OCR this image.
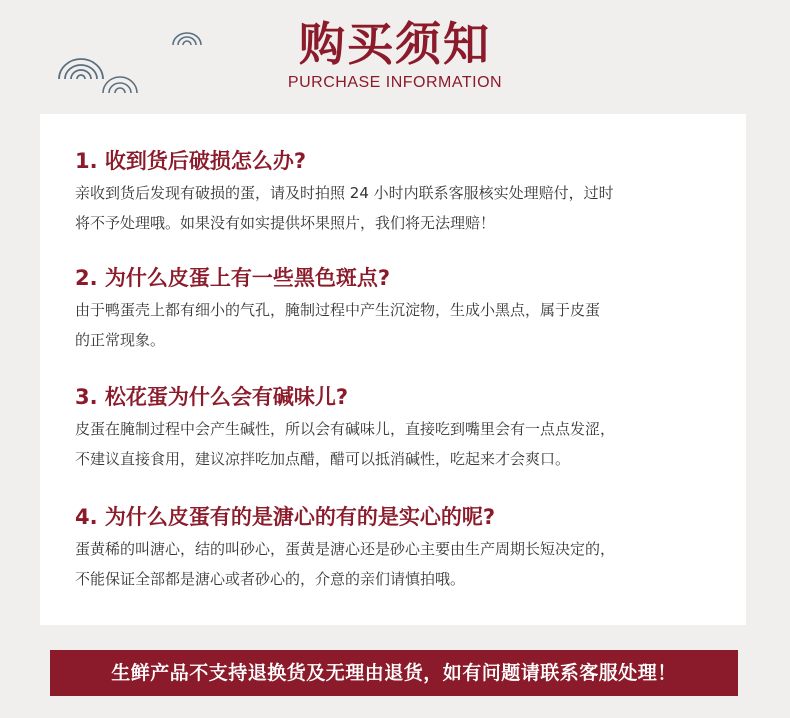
购买须知
PURCHASE INFORMATION
1. 收到货后破损怎么办?
亲收到货后发现有破损的蛋，请及时拍照 24 小时内联系客服核实处理赔付，过时
将不予处理哦。如果没有如实提供坏果照片，我们将无法理赔！
2. 为什么皮蛋上有一些黑色斑点?
由于鸭蛋壳上都有细小的气孔，腌制过程中产生沉淀物，生成小黑点，属于皮蛋
的正常现象。
3. 松花蛋为什么会有碱味儿?
皮蛋在腌制过程中会产生碱性，所以会有碱味儿，直接吃到嘴里会有一点点发涩，
不建议直接食用，建议凉拌吃加点醋，醋可以抵消碱性，吃起来才会爽口。
4. 为什么皮蛋有的是溏心的有的是实心的呢?
蛋黄稀的叫溏心，结的叫砂心，蛋黄是溏心还是砂心主要由生产周期长短决定的，
不能保证全部都是溏心或者砂心的，介意的亲们请慎拍哦。
生鲜产品不支持退换货及无理由退货，如有问题请联系客服处理！
